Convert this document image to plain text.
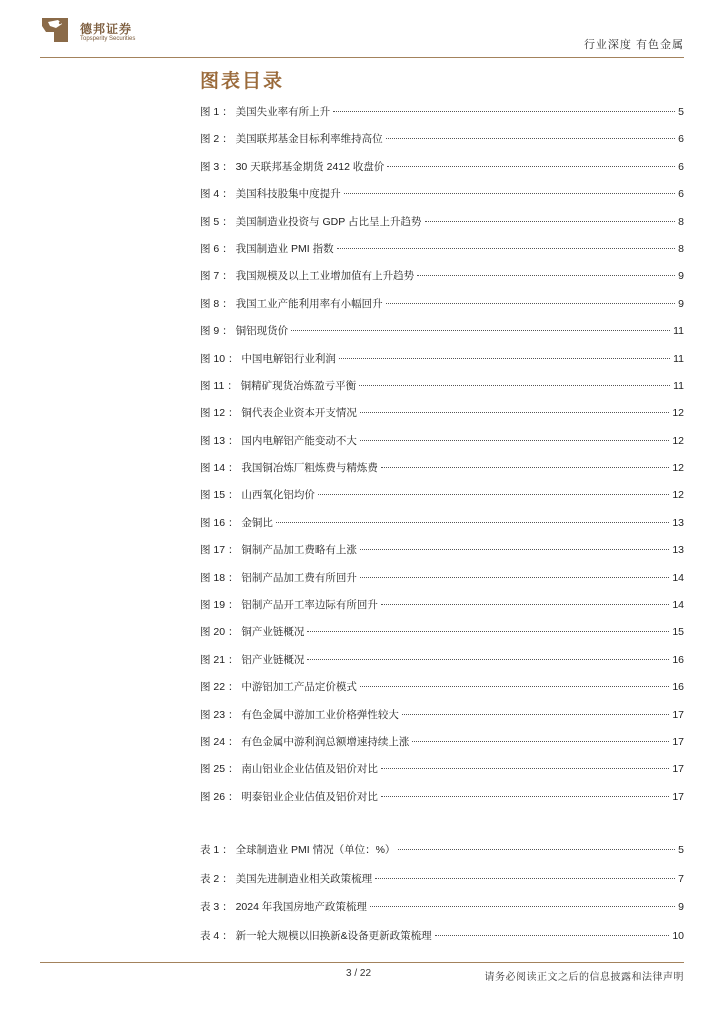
德邦证券
Topsperity Securities	行业深度 有色金属
图表目录
图 1 ： 美国失业率有所上升	5
图 2 ： 美国联邦基金目标利率维持高位	6
图 3 ： 30 天联邦基金期货 2412 收盘价	6
图 4 ： 美国科技股集中度提升	6
图 5 ： 美国制造业投资与 GDP 占比呈上升趋势	8
图 6 ： 我国制造业 PMI 指数	8
图 7 ： 我国规模及以上工业增加值有上升趋势	9
图 8 ： 我国工业产能利用率有小幅回升	9
图 9 ： 铜铝现货价	11
图 10 ： 中国电解铝行业利润	11
图 11 ： 铜精矿现货冶炼盈亏平衡	11
图 12 ： 铜代表企业资本开支情况	12
图 13 ： 国内电解铝产能变动不大	12
图 14 ： 我国铜冶炼厂粗炼费与精炼费	12
图 15 ： 山西氧化铝均价	12
图 16 ： 金铜比	13
图 17 ： 铜制产品加工费略有上涨	13
图 18 ： 铝制产品加工费有所回升	14
图 19 ： 铝制产品开工率边际有所回升	14
图 20 ： 铜产业链概况	15
图 21 ： 铝产业链概况	16
图 22 ： 中游铝加工产品定价模式	16
图 23 ： 有色金属中游加工业价格弹性较大	17
图 24 ： 有色金属中游利润总额增速持续上涨	17
图 25 ： 南山铝业企业估值及铝价对比	17
图 26 ： 明泰铝业企业估值及铝价对比	17
表 1 ： 全球制造业 PMI 情况（单位：%）	5
表 2 ： 美国先进制造业相关政策梳理	7
表 3 ： 2024 年我国房地产政策梳理	9
表 4 ： 新一轮大规模以旧换新&设备更新政策梳理	10
3 / 22	请务必阅读正文之后的信息披露和法律声明
